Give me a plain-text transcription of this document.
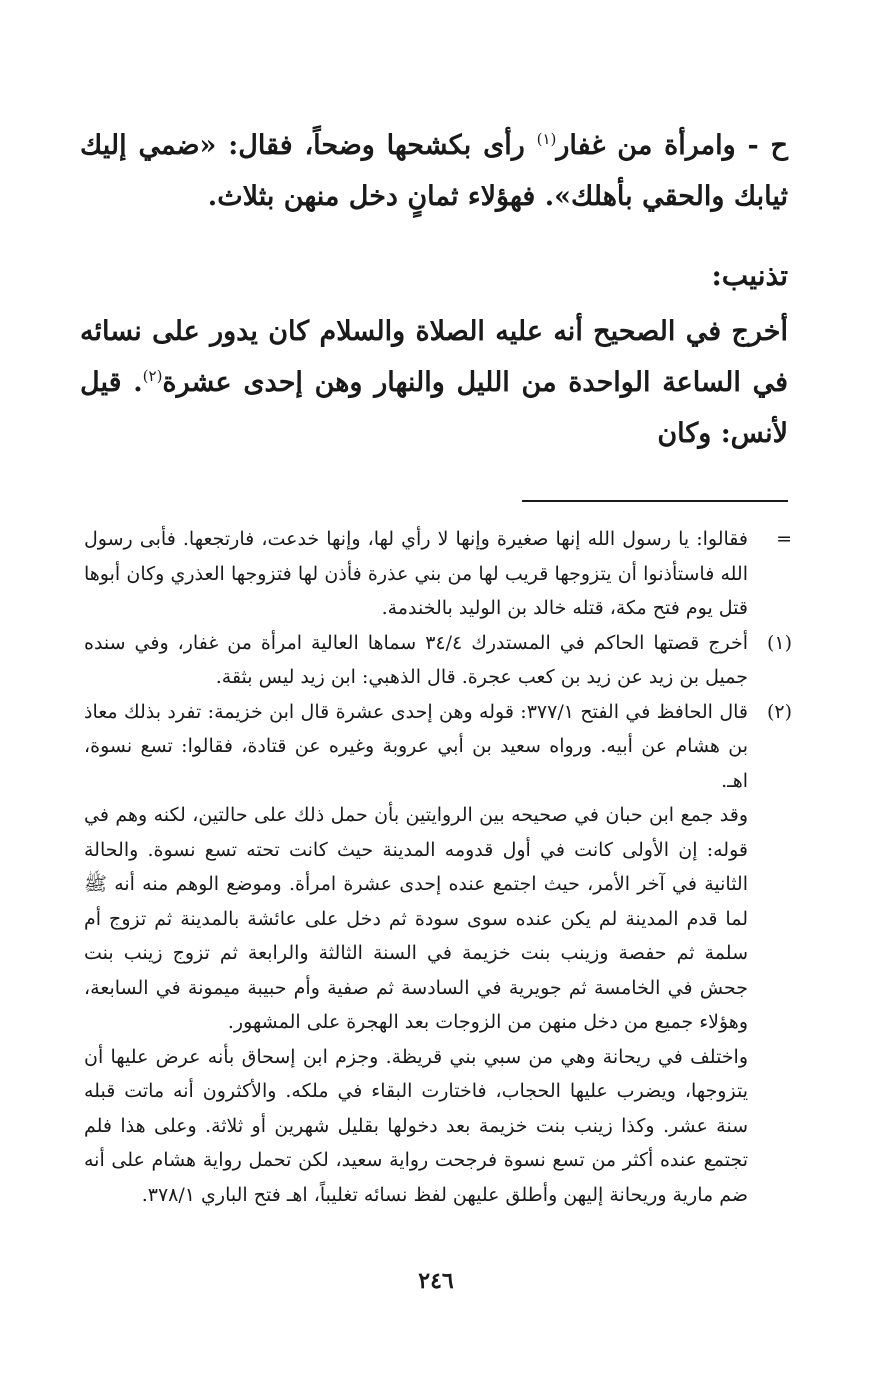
ح - وامرأة من غفار$^{(١)}$ رأى بكشحها وضحاً، فقال: «ضمي إليك ثيابك والحقي بأهلك». فهؤلاء ثمانٍ دخل منهن بثلاث.

تذنيب:

أخرج في الصحيح أنه عليه الصلاة والسلام كان يدور على نسائه في الساعة الواحدة من الليل والنهار وهن إحدى عشرة$^{(٢)}$. قيل لأنس: وكان

=
فقالوا: يا رسول الله إنها صغيرة وإنها لا رأي لها، وإنها خدعت، فارتجعها. فأبى رسول الله فاستأذنوا أن يتزوجها قريب لها من بني عذرة فأذن لها فتزوجها العذري وكان أبوها قتل يوم فتح مكة، قتله خالد بن الوليد بالخندمة.
(١)
أخرج قصتها الحاكم في المستدرك ٣٤/٤ سماها العالية امرأة من غفار، وفي سنده جميل بن زيد عن زيد بن كعب عجرة. قال الذهبي: ابن زيد ليس بثقة.
(٢)
قال الحافظ في الفتح ٣٧٧/١: قوله وهن إحدى عشرة قال ابن خزيمة: تفرد بذلك معاذ بن هشام عن أبيه. ورواه سعيد بن أبي عروبة وغيره عن قتادة، فقالوا: تسع نسوة، اهـ.
وقد جمع ابن حبان في صحيحه بين الروايتين بأن حمل ذلك على حالتين، لكنه وهم في قوله: إن الأولى كانت في أول قدومه المدينة حيث كانت تحته تسع نسوة. والحالة الثانية في آخر الأمر، حيث اجتمع عنده إحدى عشرة امرأة. وموضع الوهم منه أنه ﷺ لما قدم المدينة لم يكن عنده سوى سودة ثم دخل على عائشة بالمدينة ثم تزوج أم سلمة ثم حفصة وزينب بنت خزيمة في السنة الثالثة والرابعة ثم تزوج زينب بنت جحش في الخامسة ثم جويرية في السادسة ثم صفية وأم حبيبة ميمونة في السابعة، وهؤلاء جميع من دخل منهن من الزوجات بعد الهجرة على المشهور.
واختلف في ريحانة وهي من سبي بني قريظة. وجزم ابن إسحاق بأنه عرض عليها أن يتزوجها، ويضرب عليها الحجاب، فاختارت البقاء في ملكه. والأكثرون أنه ماتت قبله سنة عشر. وكذا زينب بنت خزيمة بعد دخولها بقليل شهرين أو ثلاثة. وعلى هذا فلم تجتمع عنده أكثر من تسع نسوة فرجحت رواية سعيد، لكن تحمل رواية هشام على أنه ضم مارية وريحانة إليهن وأطلق عليهن لفظ نسائه تغليباً، اهـ فتح الباري ٣٧٨/١.
٢٤٦
